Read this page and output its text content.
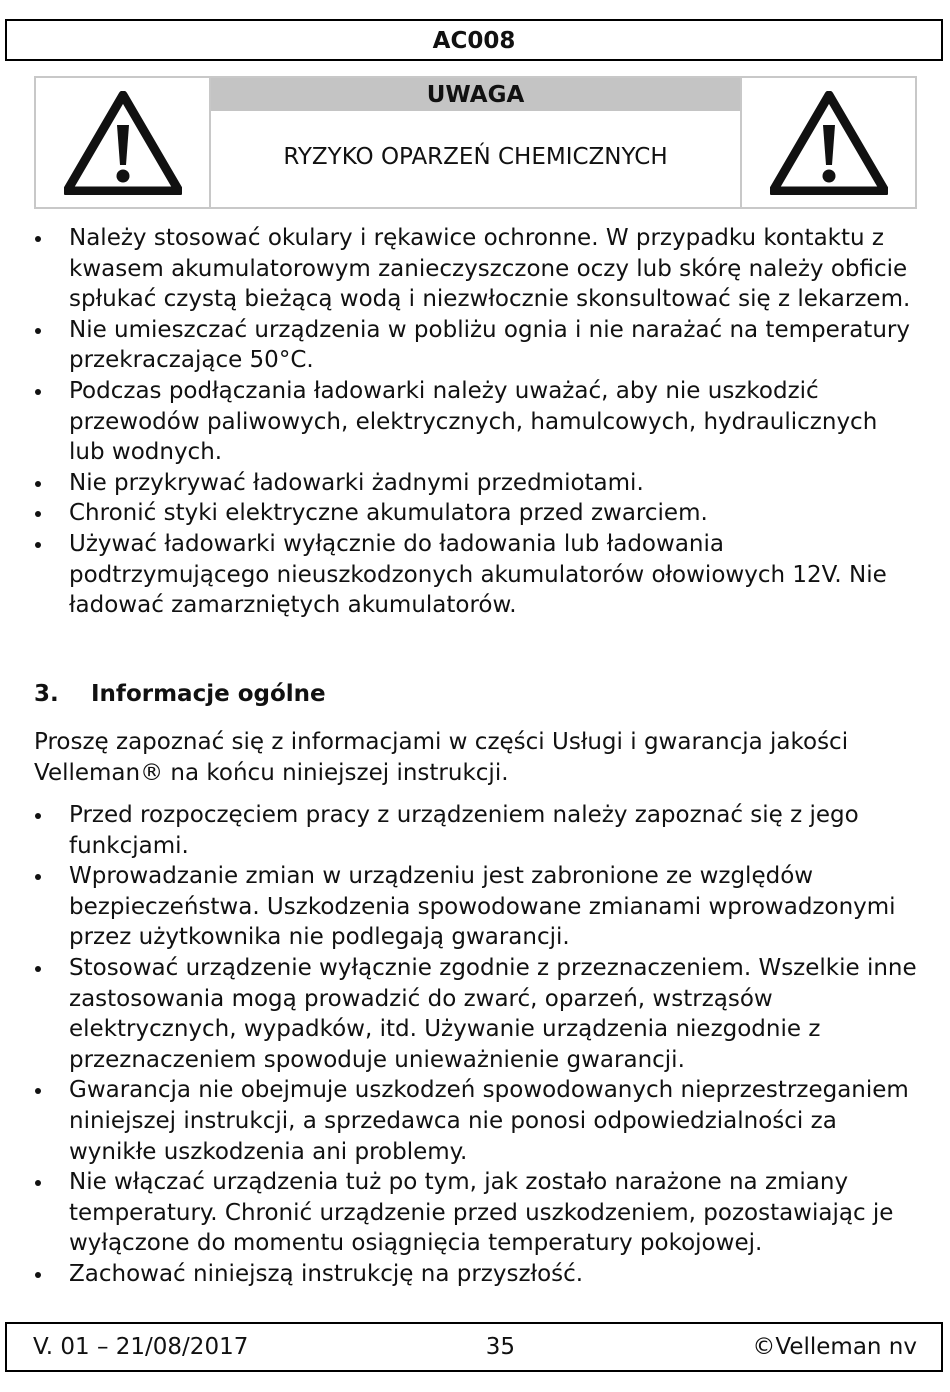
AC008
UWAGA
RYZYKO OPARZEŃ CHEMICZNYCH
Należy stosować okulary i rękawice ochronne. W przypadku kontaktu z kwasem akumulatorowym zanieczyszczone oczy lub skórę należy obficie spłukać czystą bieżącą wodą i niezwłocznie skonsultować się z lekarzem.
Nie umieszczać urządzenia w pobliżu ognia i nie narażać na temperatury przekraczające 50°C.
Podczas podłączania ładowarki należy uważać, aby nie uszkodzić przewodów paliwowych, elektrycznych, hamulcowych, hydraulicznych lub wodnych.
Nie przykrywać ładowarki żadnymi przedmiotami.
Chronić styki elektryczne akumulatora przed zwarciem.
Używać ładowarki wyłącznie do ładowania lub ładowania podtrzymującego nieuszkodzonych akumulatorów ołowiowych 12V. Nie ładować zamarzniętych akumulatorów.
3. Informacje ogólne
Proszę zapoznać się z informacjami w części Usługi i gwarancja jakości Velleman® na końcu niniejszej instrukcji.
Przed rozpoczęciem pracy z urządzeniem należy zapoznać się z jego funkcjami.
Wprowadzanie zmian w urządzeniu jest zabronione ze względów bezpieczeństwa. Uszkodzenia spowodowane zmianami wprowadzonymi przez użytkownika nie podlegają gwarancji.
Stosować urządzenie wyłącznie zgodnie z przeznaczeniem. Wszelkie inne zastosowania mogą prowadzić do zwarć, oparzeń, wstrząsów elektrycznych, wypadków, itd. Używanie urządzenia niezgodnie z przeznaczeniem spowoduje unieważnienie gwarancji.
Gwarancja nie obejmuje uszkodzeń spowodowanych nieprzestrzeganiem niniejszej instrukcji, a sprzedawca nie ponosi odpowiedzialności za wynikłe uszkodzenia ani problemy.
Nie włączać urządzenia tuż po tym, jak zostało narażone na zmiany temperatury. Chronić urządzenie przed uszkodzeniem, pozostawiając je wyłączone do momentu osiągnięcia temperatury pokojowej.
Zachować niniejszą instrukcję na przyszłość.
V. 01 – 21/08/2017	35	©Velleman nv
